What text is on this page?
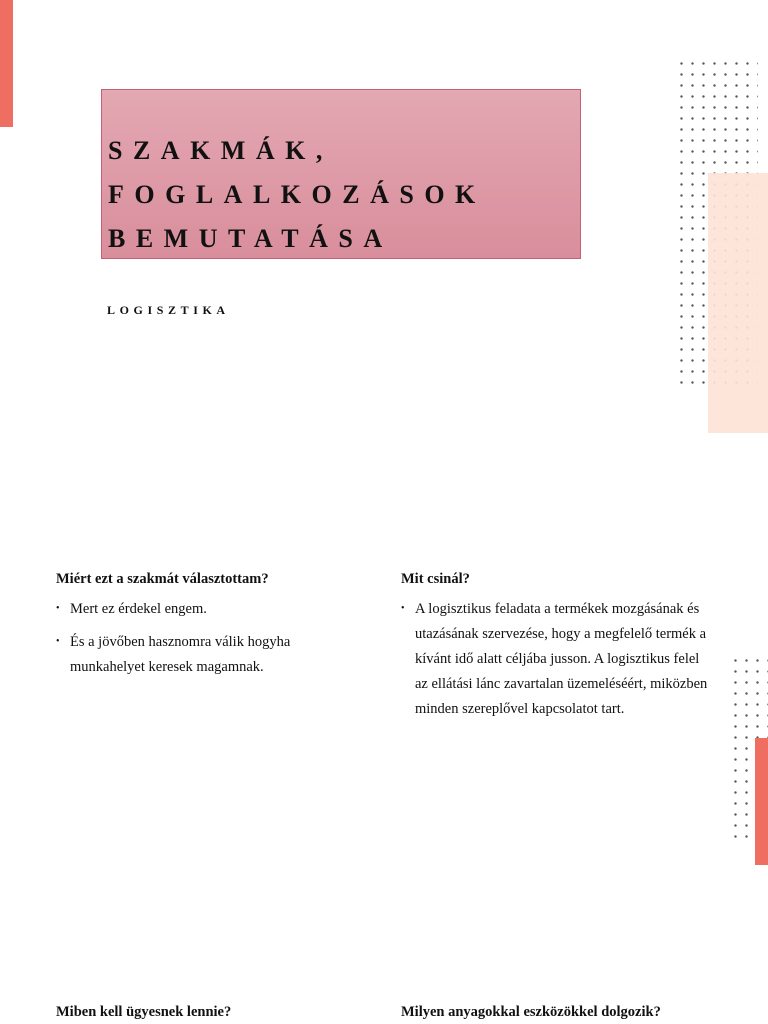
SZAKMÁK,
FOGLALKOZÁSOK
BEMUTATÁSA
LOGISZTIKA
Miért ezt a szakmát választottam?
• Mert ez érdekel engem.
• És a jövőben hasznomra válik hogyha munkahelyet keresek magamnak.
Mit csinál?
• A logisztikus feladata a termékek mozgásának és utazásának szervezése, hogy a megfelelő termék a kívánt idő alatt céljába jusson. A logisztikus felel az ellátási lánc zavartalan üzemeléséért, miközben minden szereplővel kapcsolatot tart.
Miben kell ügyesnek lennie?	Milyen anyagokkal eszközökkel dolgozik?
